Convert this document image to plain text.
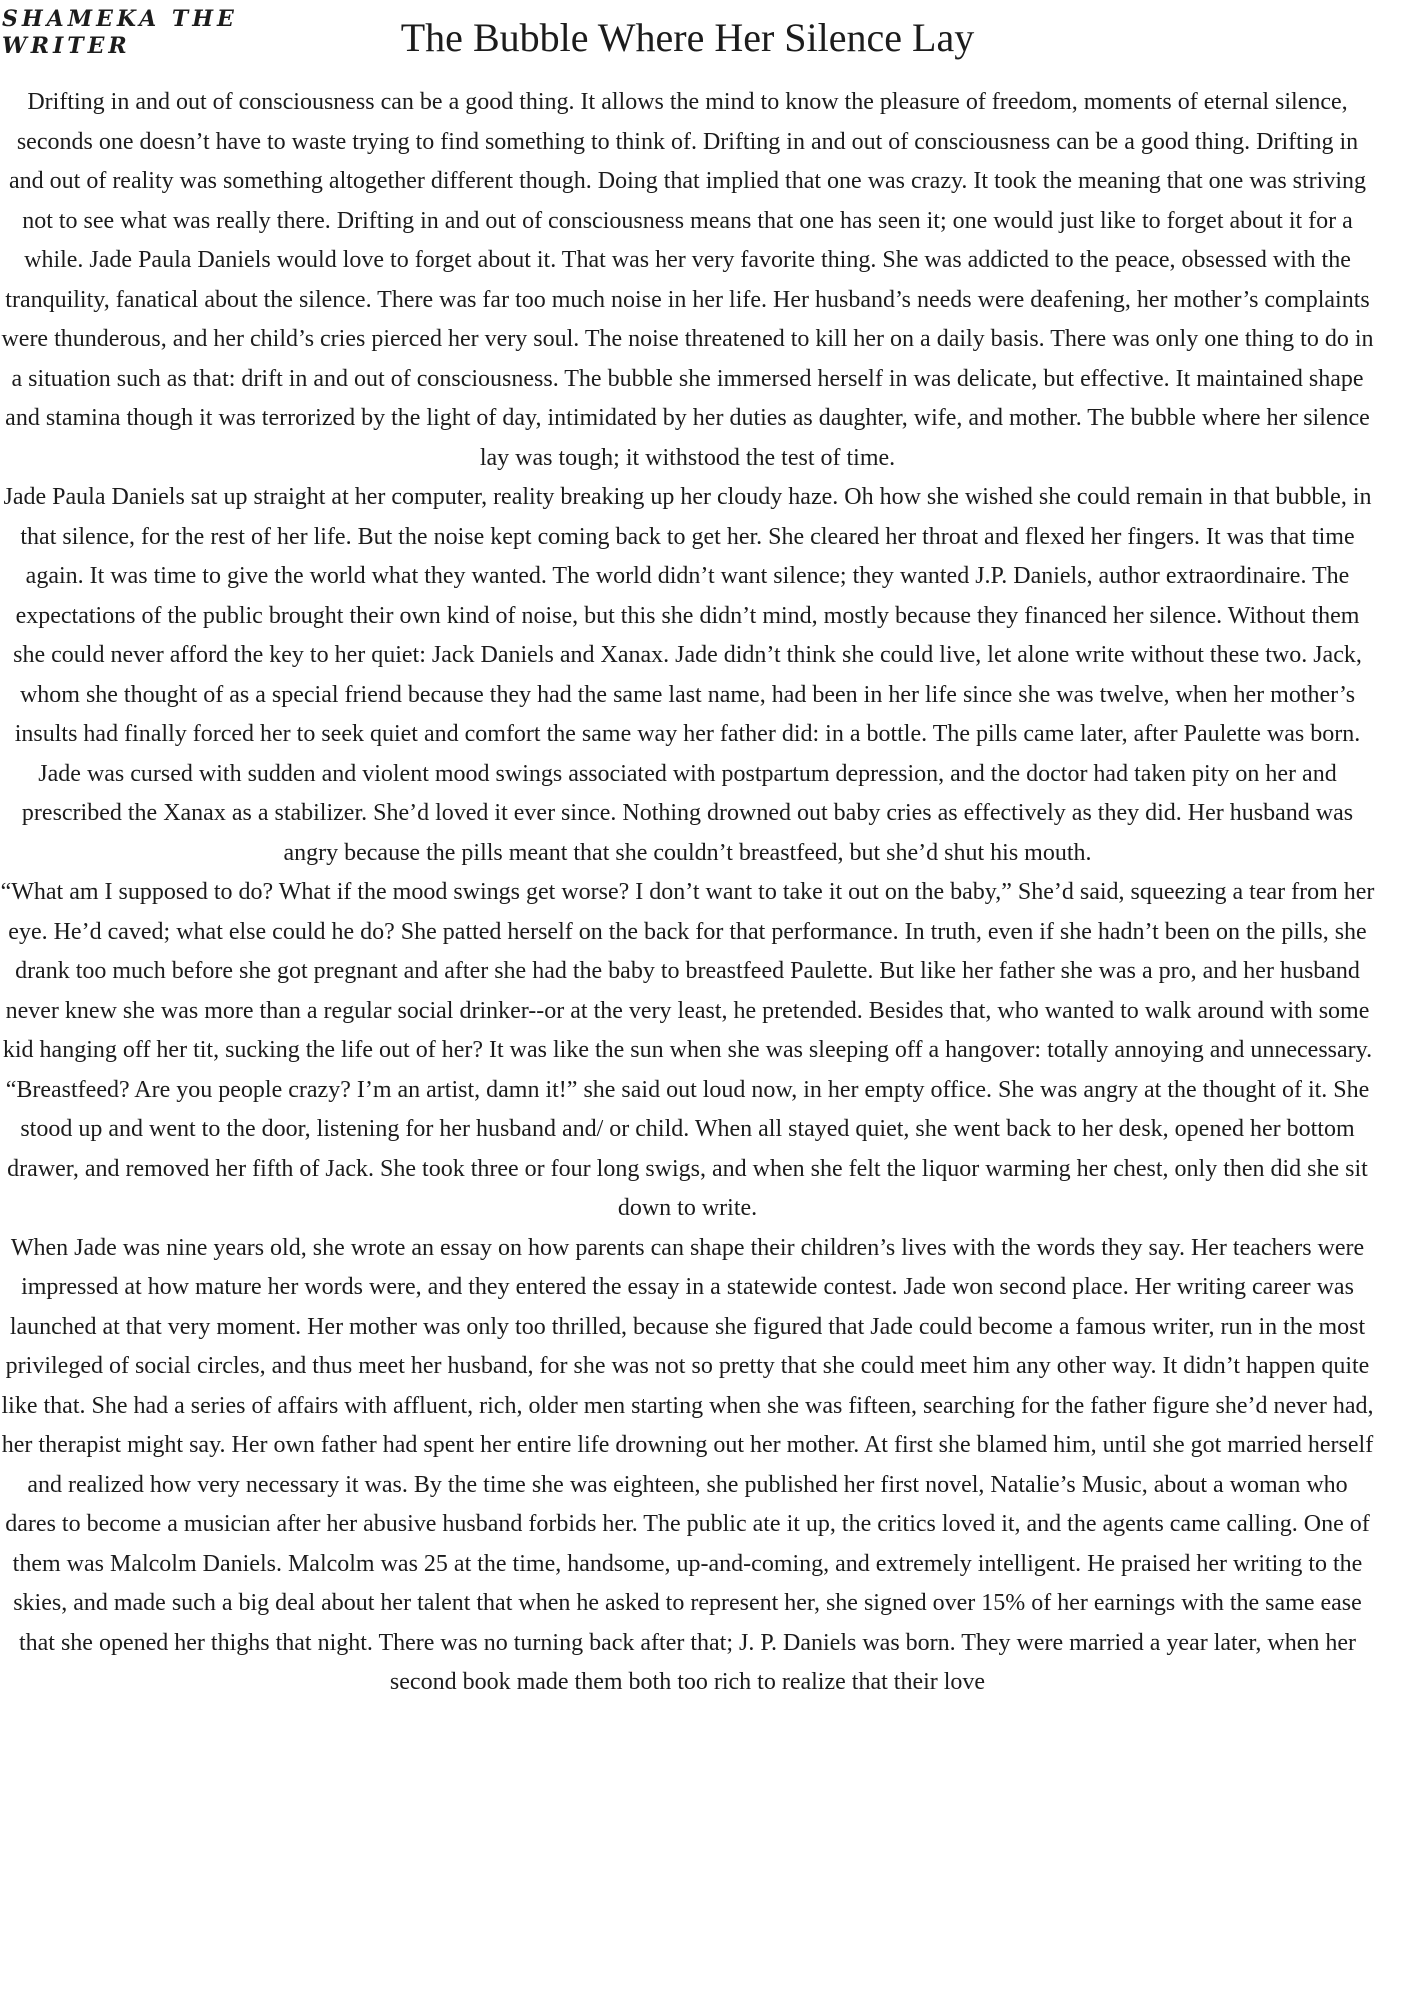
SHAMEKA THE WRITER	The Bubble Where Her Silence Lay

Drifting in and out of consciousness can be a good thing. It allows the mind to know the pleasure of freedom, moments of eternal silence, seconds one doesn’t have to waste trying to find something to think of. Drifting in and out of consciousness can be a good thing. Drifting in and out of reality was something altogether different though. Doing that implied that one was crazy. It took the meaning that one was striving not to see what was really there. Drifting in and out of consciousness means that one has seen it; one would just like to forget about it for a while. Jade Paula Daniels would love to forget about it. That was her very favorite thing. She was addicted to the peace, obsessed with the tranquility, fanatical about the silence. There was far too much noise in her life. Her husband’s needs were deafening, her mother’s complaints were thunderous, and her child’s cries pierced her very soul. The noise threatened to kill her on a daily basis. There was only one thing to do in a situation such as that: drift in and out of consciousness. The bubble she immersed herself in was delicate, but effective. It maintained shape and stamina though it was terrorized by the light of day, intimidated by her duties as daughter, wife, and mother. The bubble where her silence lay was tough; it withstood the test of time.

Jade Paula Daniels sat up straight at her computer, reality breaking up her cloudy haze. Oh how she wished she could remain in that bubble, in that silence, for the rest of her life. But the noise kept coming back to get her. She cleared her throat and flexed her fingers. It was that time again. It was time to give the world what they wanted. The world didn’t want silence; they wanted J.P. Daniels, author extraordinaire. The expectations of the public brought their own kind of noise, but this she didn’t mind, mostly because they financed her silence. Without them she could never afford the key to her quiet: Jack Daniels and Xanax. Jade didn’t think she could live, let alone write without these two. Jack, whom she thought of as a special friend because they had the same last name, had been in her life since she was twelve, when her mother’s insults had finally forced her to seek quiet and comfort the same way her father did: in a bottle. The pills came later, after Paulette was born. Jade was cursed with sudden and violent mood swings associated with postpartum depression, and the doctor had taken pity on her and prescribed the Xanax as a stabilizer. She’d loved it ever since. Nothing drowned out baby cries as effectively as they did. Her husband was angry because the pills meant that she couldn’t breastfeed, but she’d shut his mouth.

“What am I supposed to do? What if the mood swings get worse? I don’t want to take it out on the baby,” She’d said, squeezing a tear from her eye. He’d caved; what else could he do? She patted herself on the back for that performance. In truth, even if she hadn’t been on the pills, she drank too much before she got pregnant and after she had the baby to breastfeed Paulette. But like her father she was a pro, and her husband never knew she was more than a regular social drinker--or at the very least, he pretended. Besides that, who wanted to walk around with some kid hanging off her tit, sucking the life out of her? It was like the sun when she was sleeping off a hangover: totally annoying and unnecessary.

“Breastfeed? Are you people crazy? I’m an artist, damn it!” she said out loud now, in her empty office. She was angry at the thought of it. She stood up and went to the door, listening for her husband and/ or child. When all stayed quiet, she went back to her desk, opened her bottom drawer, and removed her fifth of Jack. She took three or four long swigs, and when she felt the liquor warming her chest, only then did she sit down to write.

When Jade was nine years old, she wrote an essay on how parents can shape their children’s lives with the words they say. Her teachers were impressed at how mature her words were, and they entered the essay in a statewide contest. Jade won second place. Her writing career was launched at that very moment. Her mother was only too thrilled, because she figured that Jade could become a famous writer, run in the most privileged of social circles, and thus meet her husband, for she was not so pretty that she could meet him any other way. It didn’t happen quite like that. She had a series of affairs with affluent, rich, older men starting when she was fifteen, searching for the father figure she’d never had, her therapist might say. Her own father had spent her entire life drowning out her mother. At first she blamed him, until she got married herself and realized how very necessary it was. By the time she was eighteen, she published her first novel, Natalie’s Music, about a woman who dares to become a musician after her abusive husband forbids her. The public ate it up, the critics loved it, and the agents came calling. One of them was Malcolm Daniels. Malcolm was 25 at the time, handsome, up-and-coming, and extremely intelligent. He praised her writing to the skies, and made such a big deal about her talent that when he asked to represent her, she signed over 15% of her earnings with the same ease that she opened her thighs that night. There was no turning back after that; J. P. Daniels was born. They were married a year later, when her second book made them both too rich to realize that their love
